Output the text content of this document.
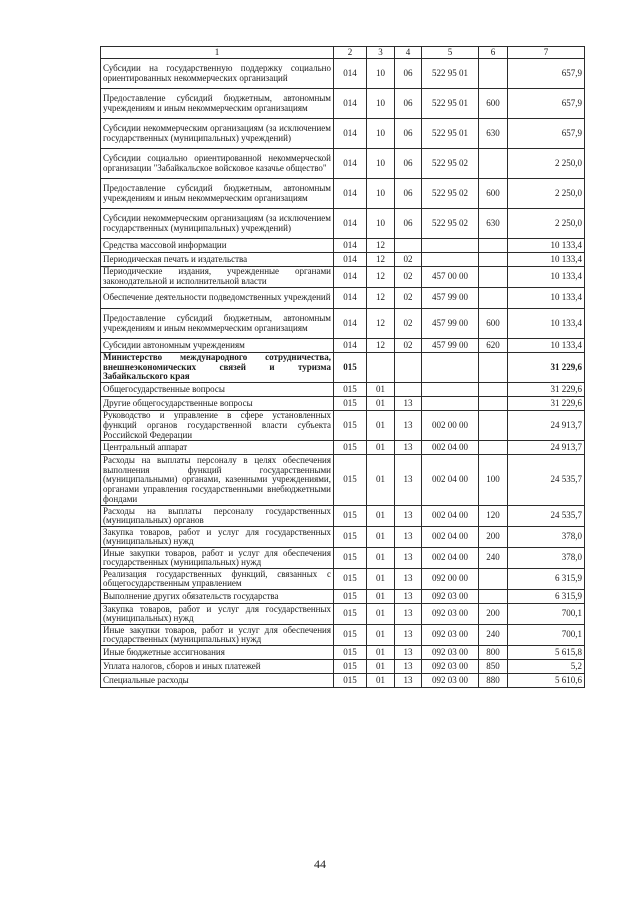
1	2	3	4	5	6	7
Субсидии на государственную поддержку социально ориентированных некоммерческих организаций	014	10	06	522 95 01		657,9
Предоставление субсидий бюджетным, автономным учреждениям и иным некоммерческим организациям	014	10	06	522 95 01	600	657,9
Субсидии некоммерческим организациям (за исключением государственных (муниципальных) учреждений)	014	10	06	522 95 01	630	657,9
Субсидии социально ориентированной некоммерческой организации "Забайкальское войсковое казачье общество"	014	10	06	522 95 02		2 250,0
Предоставление субсидий бюджетным, автономным учреждениям и иным некоммерческим организациям	014	10	06	522 95 02	600	2 250,0
Субсидии некоммерческим организациям (за исключением государственных (муниципальных) учреждений)	014	10	06	522 95 02	630	2 250,0
Средства массовой информации	014	12				10 133,4
Периодическая печать и издательства	014	12	02			10 133,4
Периодические издания, учрежденные органами законодательной и исполнительной власти	014	12	02	457 00 00		10 133,4
Обеспечение деятельности подведомственных учреждений	014	12	02	457 99 00		10 133,4
Предоставление субсидий бюджетным, автономным учреждениям и иным некоммерческим организациям	014	12	02	457 99 00	600	10 133,4
Субсидии автономным учреждениям	014	12	02	457 99 00	620	10 133,4
Министерство международного сотрудничества, внешнеэкономических связей и туризма Забайкальского края	015					31 229,6
Общегосударственные вопросы	015	01				31 229,6
Другие общегосударственные вопросы	015	01	13			31 229,6
Руководство и управление в сфере установленных функций органов государственной власти субъекта Российской Федерации	015	01	13	002 00 00		24 913,7
Центральный аппарат	015	01	13	002 04 00		24 913,7
Расходы на выплаты персоналу в целях обеспечения выполнения функций государственными (муниципальными) органами, казенными учреждениями, органами управления государственными внебюджетными фондами	015	01	13	002 04 00	100	24 535,7
Расходы на выплаты персоналу государственных (муниципальных) органов	015	01	13	002 04 00	120	24 535,7
Закупка товаров, работ и услуг для государственных (муниципальных) нужд	015	01	13	002 04 00	200	378,0
Иные закупки товаров, работ и услуг для обеспечения государственных (муниципальных) нужд	015	01	13	002 04 00	240	378,0
Реализация государственных функций, связанных с общегосударственным управлением	015	01	13	092 00 00		6 315,9
Выполнение других обязательств государства	015	01	13	092 03 00		6 315,9
Закупка товаров, работ и услуг для государственных (муниципальных) нужд	015	01	13	092 03 00	200	700,1
Иные закупки товаров, работ и услуг для обеспечения государственных (муниципальных) нужд	015	01	13	092 03 00	240	700,1
Иные бюджетные ассигнования	015	01	13	092 03 00	800	5 615,8
Уплата налогов, сборов и иных платежей	015	01	13	092 03 00	850	5,2
Специальные расходы	015	01	13	092 03 00	880	5 610,6
44
